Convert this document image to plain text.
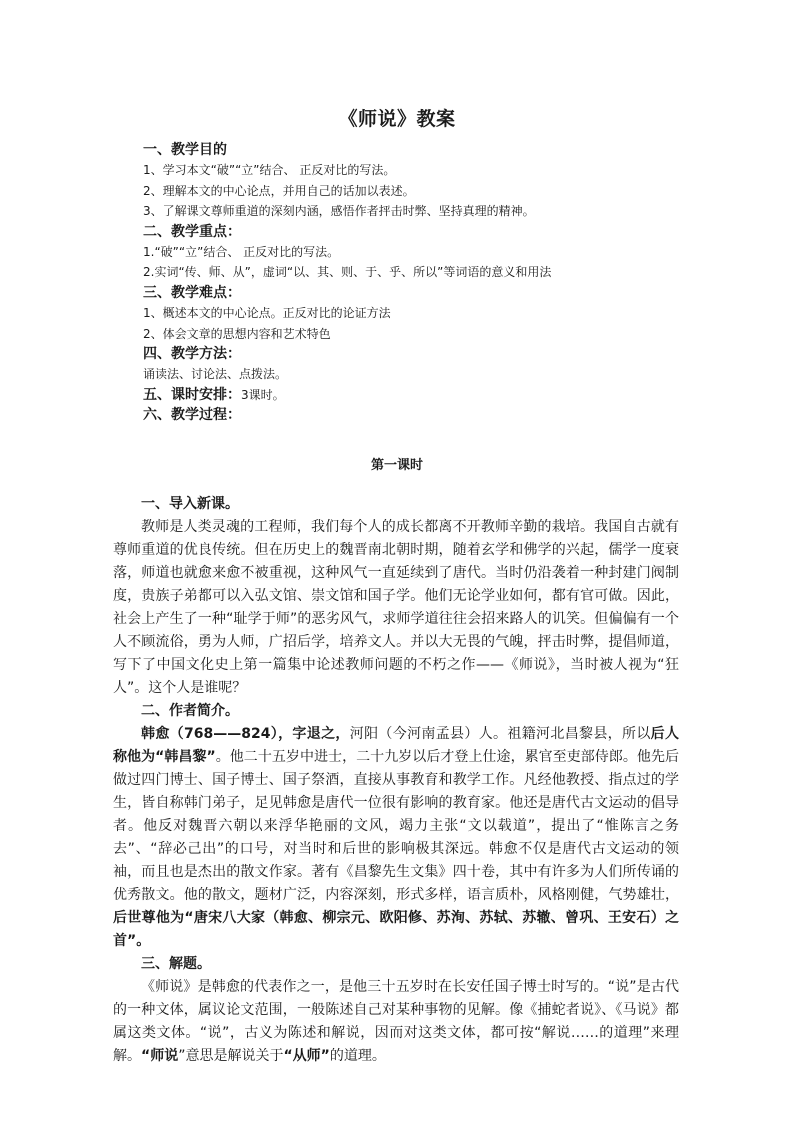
《师说》教案
一、教学目的
1、学习本文“破”“立”结合、 正反对比的写法。
2、理解本文的中心论点，并用自己的话加以表述。
3、了解课文尊师重道的深刻内涵，感悟作者抨击时弊、坚持真理的精神。
二、教学重点：
1.“破”“立”结合、 正反对比的写法。
2.实词“传、师、从”，虚词“以、其、则、于、乎、所以”等词语的意义和用法
三、教学难点：
1、概述本文的中心论点。正反对比的论证方法
2、体会文章的思想内容和艺术特色
四、教学方法：
诵读法、讨论法、点拨法。
五、课时安排：3课时。
六、教学过程：
第一课时
一、导入新课。

教师是人类灵魂的工程师，我们每个人的成长都离不开教师辛勤的栽培。我国自古就有尊师重道的优良传统。但在历史上的魏晋南北朝时期，随着玄学和佛学的兴起，儒学一度衰落，师道也就愈来愈不被重视，这种风气一直延续到了唐代。当时仍沿袭着一种封建门阀制度，贵族子弟都可以入弘文馆、崇文馆和国子学。他们无论学业如何，都有官可做。因此，社会上产生了一种“耻学于师”的恶劣风气，求师学道往往会招来路人的讥笑。但偏偏有一个人不顾流俗，勇为人师，广招后学，培养文人。并以大无畏的气魄，抨击时弊，提倡师道，写下了中国文化史上第一篇集中论述教师问题的不朽之作——《师说》，当时被人视为“狂人”。这个人是谁呢？

二、作者简介。

韩愈（768——824），字退之，河阳（今河南孟县）人。祖籍河北昌黎县，所以后人称他为“韩昌黎”。他二十五岁中进士，二十九岁以后才登上仕途，累官至吏部侍郎。他先后做过四门博士、国子博士、国子祭酒，直接从事教育和教学工作。凡经他教授、指点过的学生，皆自称韩门弟子，足见韩愈是唐代一位很有影响的教育家。他还是唐代古文运动的倡导者。他反对魏晋六朝以来浮华艳丽的文风，竭力主张“文以载道”，提出了“惟陈言之务去”、“辞必己出”的口号，对当时和后世的影响极其深远。韩愈不仅是唐代古文运动的领袖，而且也是杰出的散文作家。著有《昌黎先生文集》四十卷，其中有许多为人们所传诵的优秀散文。他的散文，题材广泛，内容深刻，形式多样，语言质朴，风格刚健，气势雄壮，后世尊他为“唐宋八大家（韩愈、柳宗元、欧阳修、苏洵、苏轼、苏辙、曾巩、王安石）之首”。

三、解题。

《师说》是韩愈的代表作之一，是他三十五岁时在长安任国子博士时写的。“说”是古代的一种文体，属议论文范围，一般陈述自己对某种事物的见解。像《捕蛇者说》、《马说》都属这类文体。“说”，古义为陈述和解说，因而对这类文体，都可按“解说……的道理”来理解。“师说”意思是解说关于“从师”的道理。
